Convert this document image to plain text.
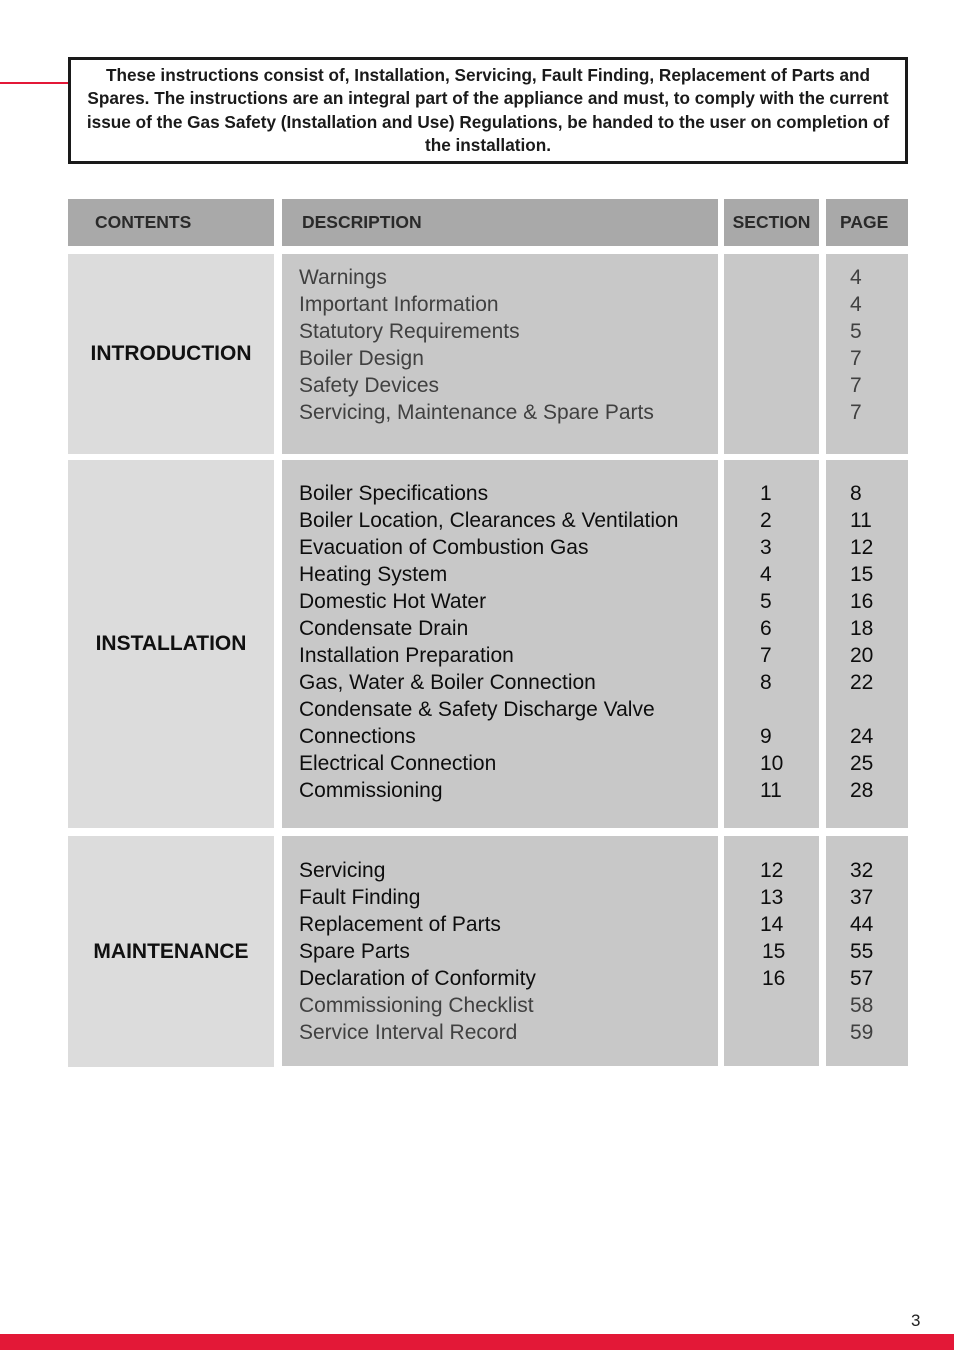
These instructions consist of, Installation, Servicing, Fault Finding, Replacement of Parts and Spares. The instructions are an integral part of the appliance and must, to comply with the current issue of the Gas Safety (Installation and Use) Regulations, be handed to the user on completion of the installation.

CONTENTS	DESCRIPTION	SECTION PAGE
INTRODUCTION
Warnings
Important Information
Statutory Requirements
Boiler Design
Safety Devices
Servicing, Maintenance & Spare Parts
4
4
5
7
7
7
INSTALLATION
Boiler Specifications
Boiler Location, Clearances & Ventilation
Evacuation of Combustion Gas
Heating System
Domestic Hot Water
Condensate Drain
Installation Preparation
Gas, Water & Boiler Connection
Condensate & Safety Discharge Valve
Connections
Electrical Connection
Commissioning
1
2
3
4
5
6
7
8
9
10
11
8
11
12
15
16
18
20
22
24
25
28
MAINTENANCE
Servicing
Fault Finding
Replacement of Parts
Spare Parts
Declaration of Conformity
Commissioning Checklist
Service Interval Record
12
13
14
15
16
32
37
44
55
57
58
59
3
